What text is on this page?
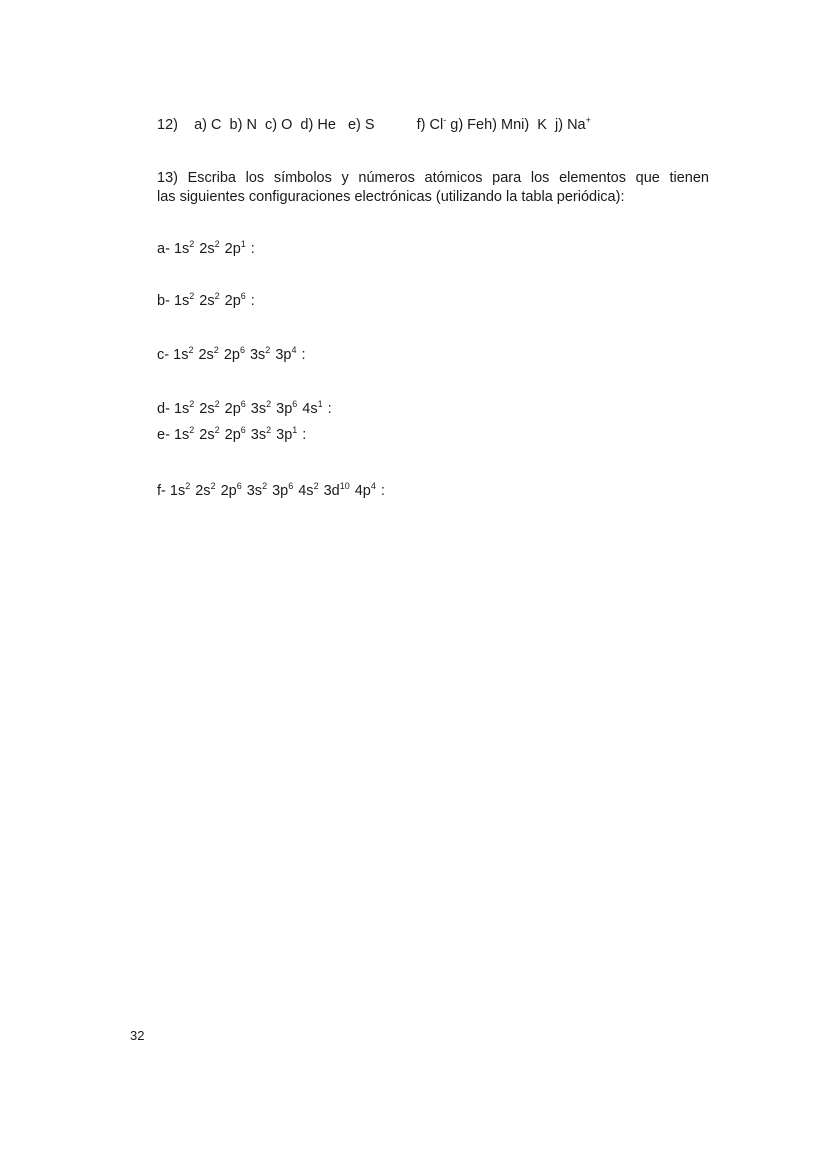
12) a) C  b) N  c) O  d) He   e) S	f) Cl- g) Feh) Mni)  K  j) Na+
13) Escriba los símbolos y números atómicos para los elementos que tienen
las siguientes configuraciones electrónicas (utilizando la tabla periódica):
a- $1s^2$ $2s^2$ $2p^1$ :
b- $1s^2$ $2s^2$ $2p^6$ :
c- $1s^2$ $2s^2$ $2p^6$ $3s^2$ $3p^4$ :
d- $1s^2$ $2s^2$ $2p^6$ $3s^2$ $3p^6$ $4s^1$ :
e- $1s^2$ $2s^2$ $2p^6$ $3s^2$ $3p^1$ :
f- $1s^2$ $2s^2$ $2p^6$ $3s^2$ $3p^6$ $4s^2$ $3d^{10}$ $4p^4$ :
32
